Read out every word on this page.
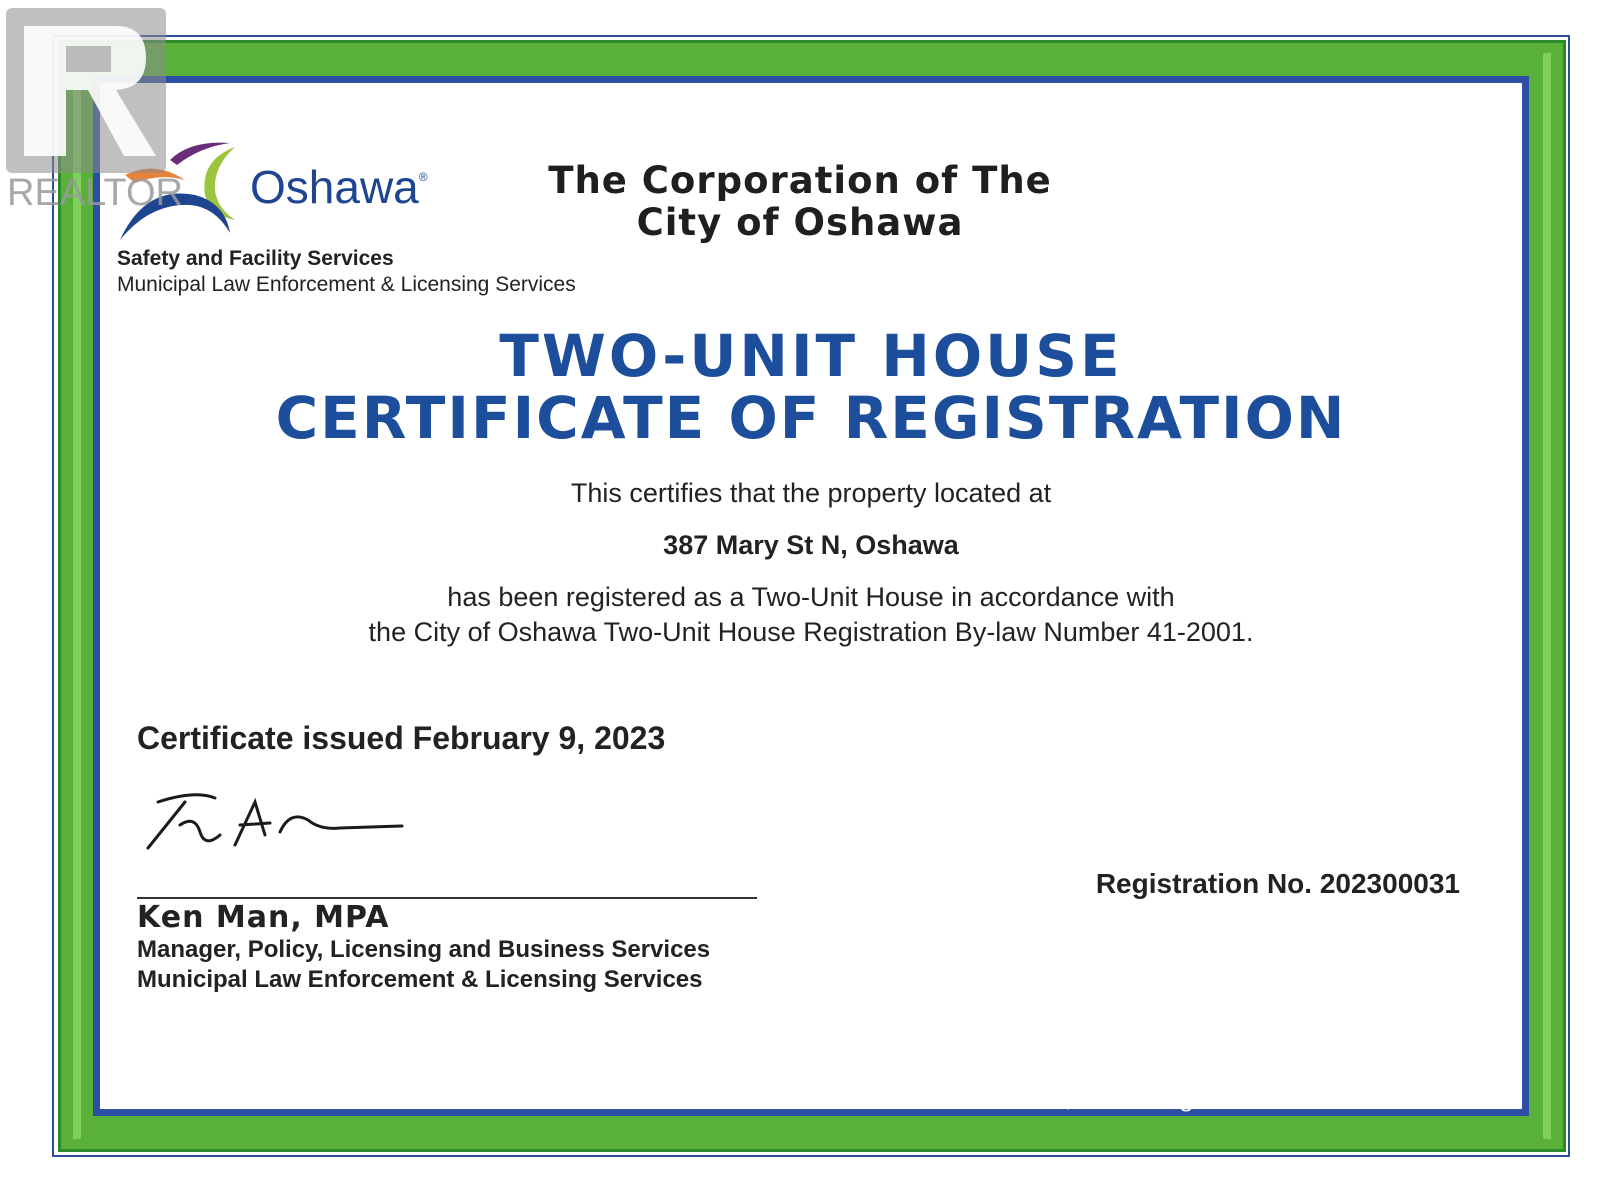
Oshawa®
REALTOR
Safety and Facility Services
Municipal Law Enforcement & Licensing Services
The Corporation of The
City of Oshawa
TWO-UNIT HOUSE
CERTIFICATE OF REGISTRATION
This certifies that the property located at
387 Mary St N, Oshawa
has been registered as a Two-Unit House in accordance with
the City of Oshawa Two-Unit House Registration By-law Number 41-2001.
Certificate issued February 9, 2023
Ken Man, MPA
Manager, Policy, Licensing and Business Services
Municipal Law Enforcement & Licensing Services
Registration No. 202300031
RE/MAX EXCELLENCE REAL ESTATE, Brokerage
